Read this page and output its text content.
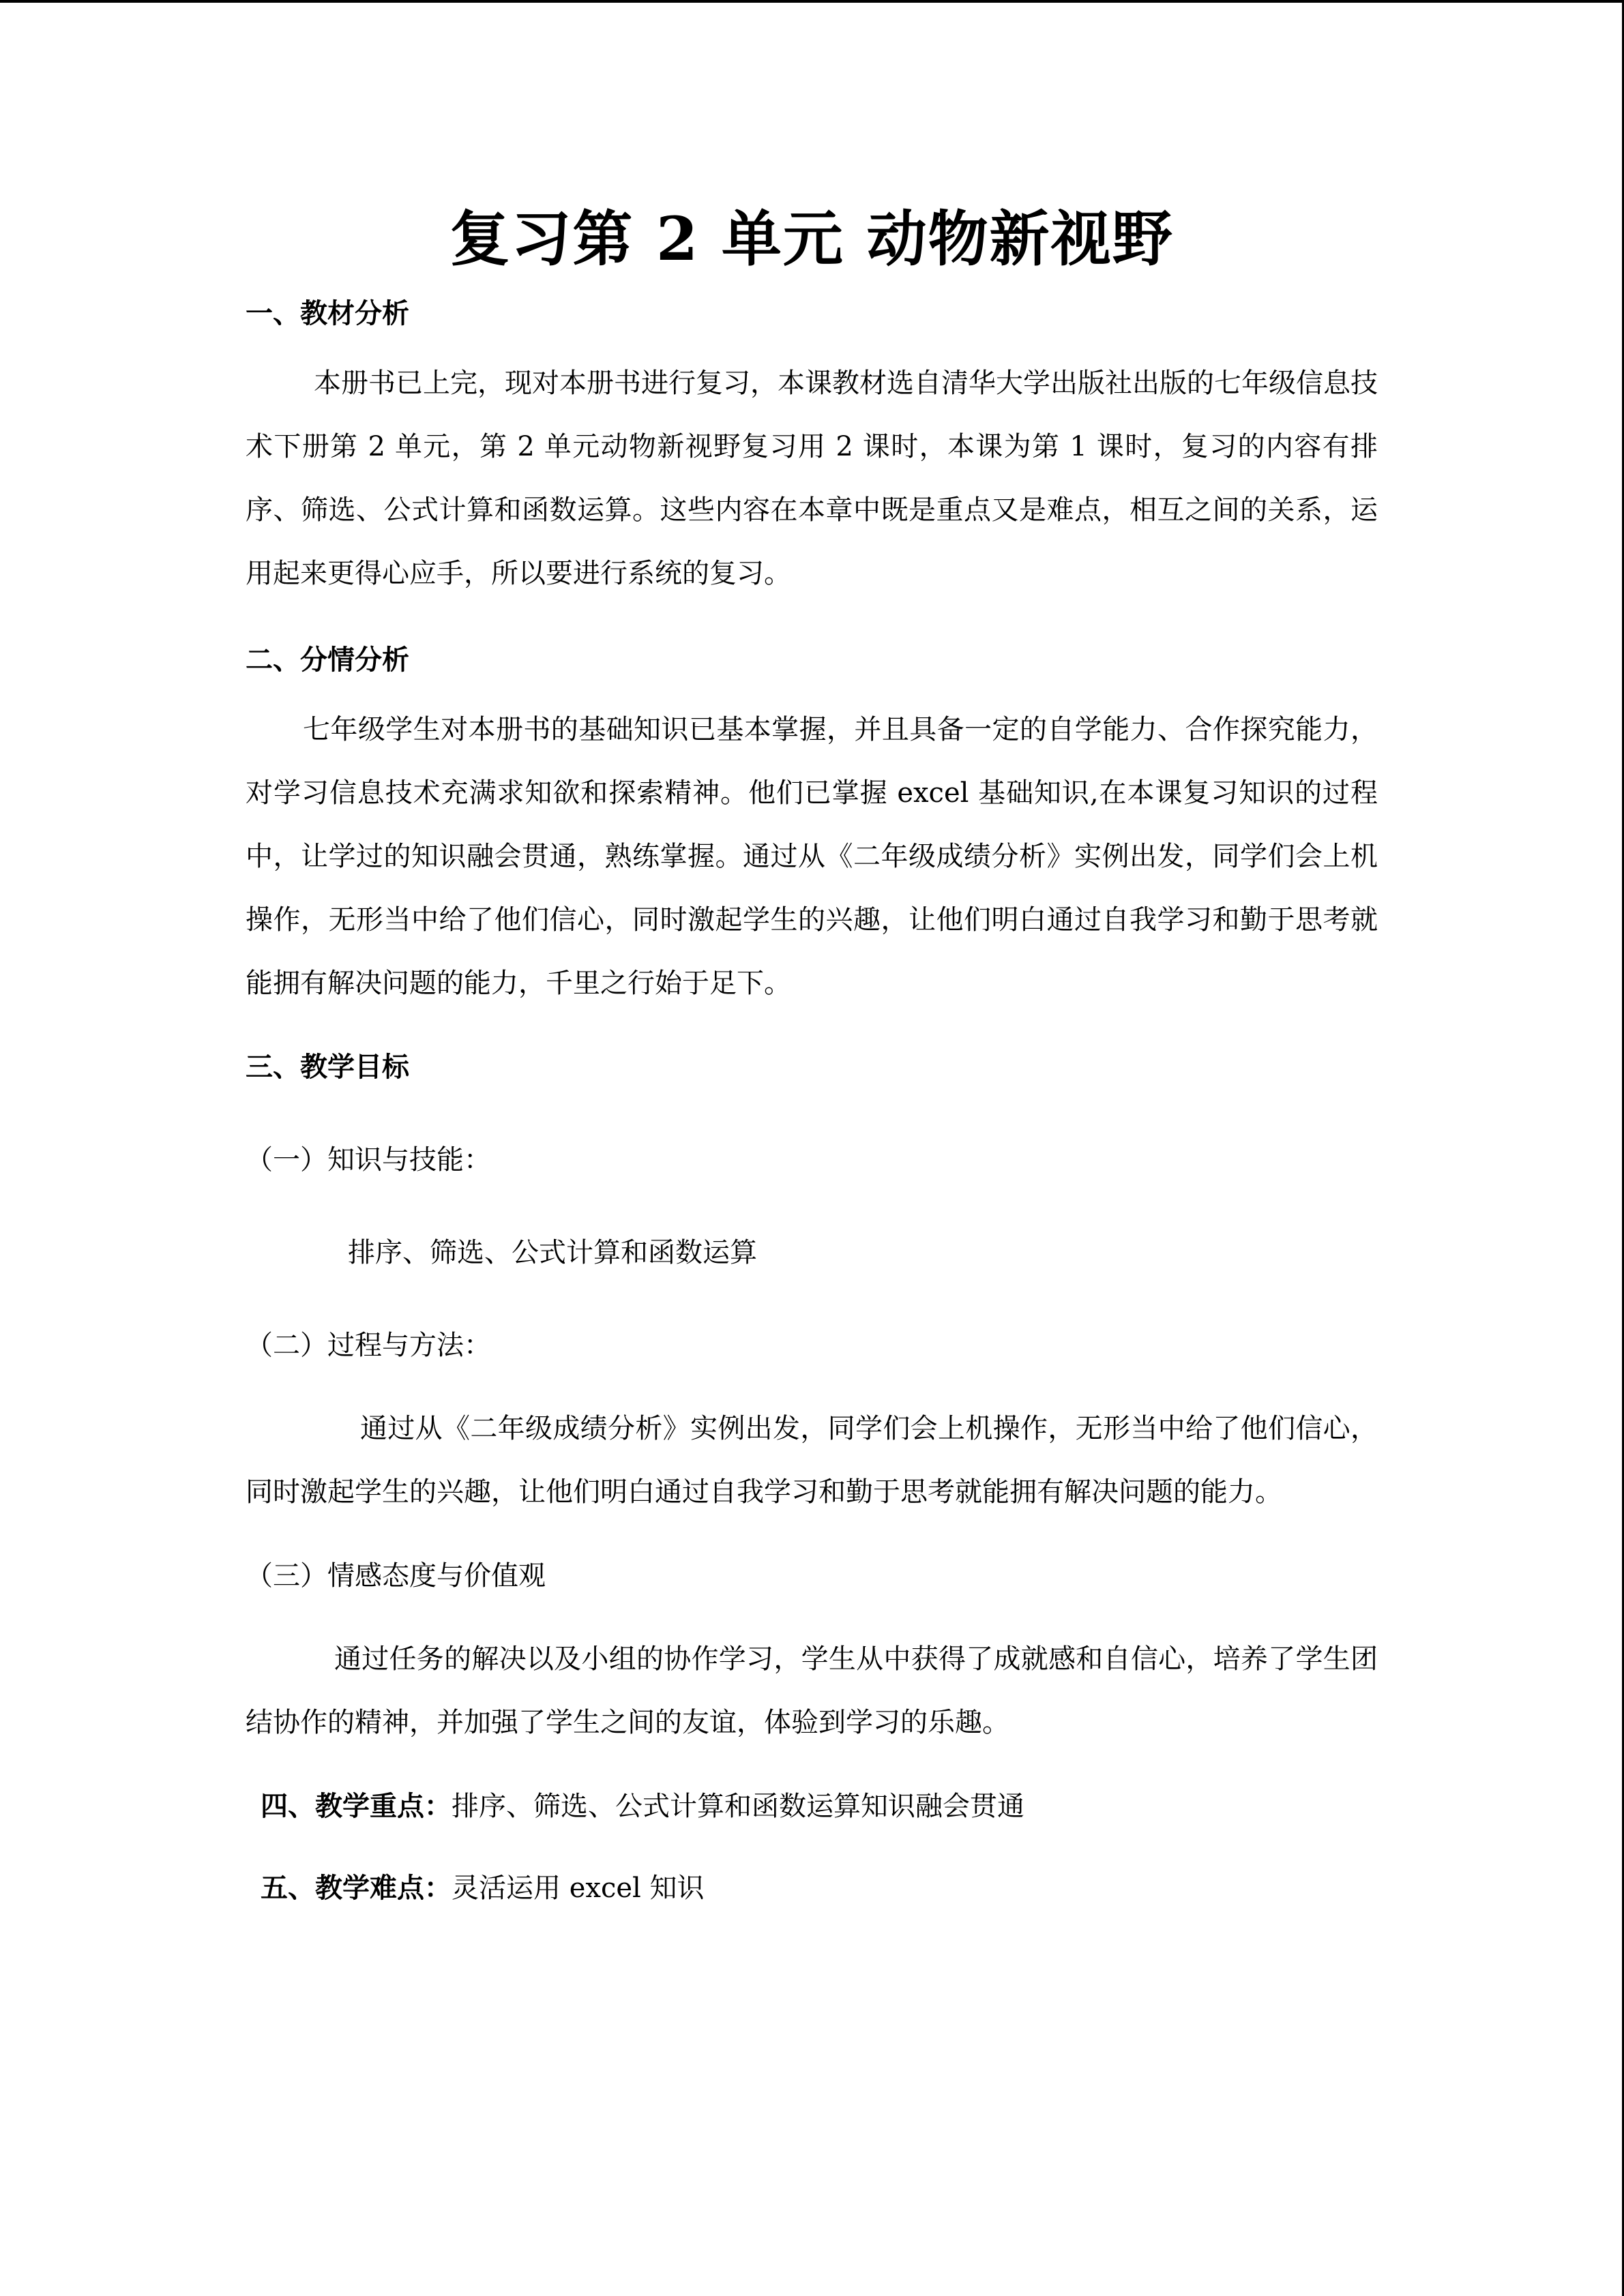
复习第 2 单元 动物新视野

一、教材分析

本册书已上完，现对本册书进行复习，本课教材选自清华大学出版社出版的七年级信息技术下册第 2 单元，第 2 单元动物新视野复习用 2 课时，本课为第 1 课时，复习的内容有排序、筛选、公式计算和函数运算。这些内容在本章中既是重点又是难点，相互之间的关系，运用起来更得心应手，所以要进行系统的复习。

二、分情分析

七年级学生对本册书的基础知识已基本掌握，并且具备一定的自学能力、合作探究能力，对学习信息技术充满求知欲和探索精神。他们已掌握 excel 基础知识,在本课复习知识的过程中，让学过的知识融会贯通，熟练掌握。通过从《二年级成绩分析》实例出发，同学们会上机操作，无形当中给了他们信心，同时激起学生的兴趣，让他们明白通过自我学习和勤于思考就能拥有解决问题的能力，千里之行始于足下。

三、教学目标

（一）知识与技能：

排序、筛选、公式计算和函数运算

（二）过程与方法：

通过从《二年级成绩分析》实例出发，同学们会上机操作，无形当中给了他们信心，同时激起学生的兴趣，让他们明白通过自我学习和勤于思考就能拥有解决问题的能力。

（三）情感态度与价值观

通过任务的解决以及小组的协作学习，学生从中获得了成就感和自信心，培养了学生团结协作的精神，并加强了学生之间的友谊，体验到学习的乐趣。

四、教学重点：排序、筛选、公式计算和函数运算知识融会贯通

五、教学难点：灵活运用 excel 知识
